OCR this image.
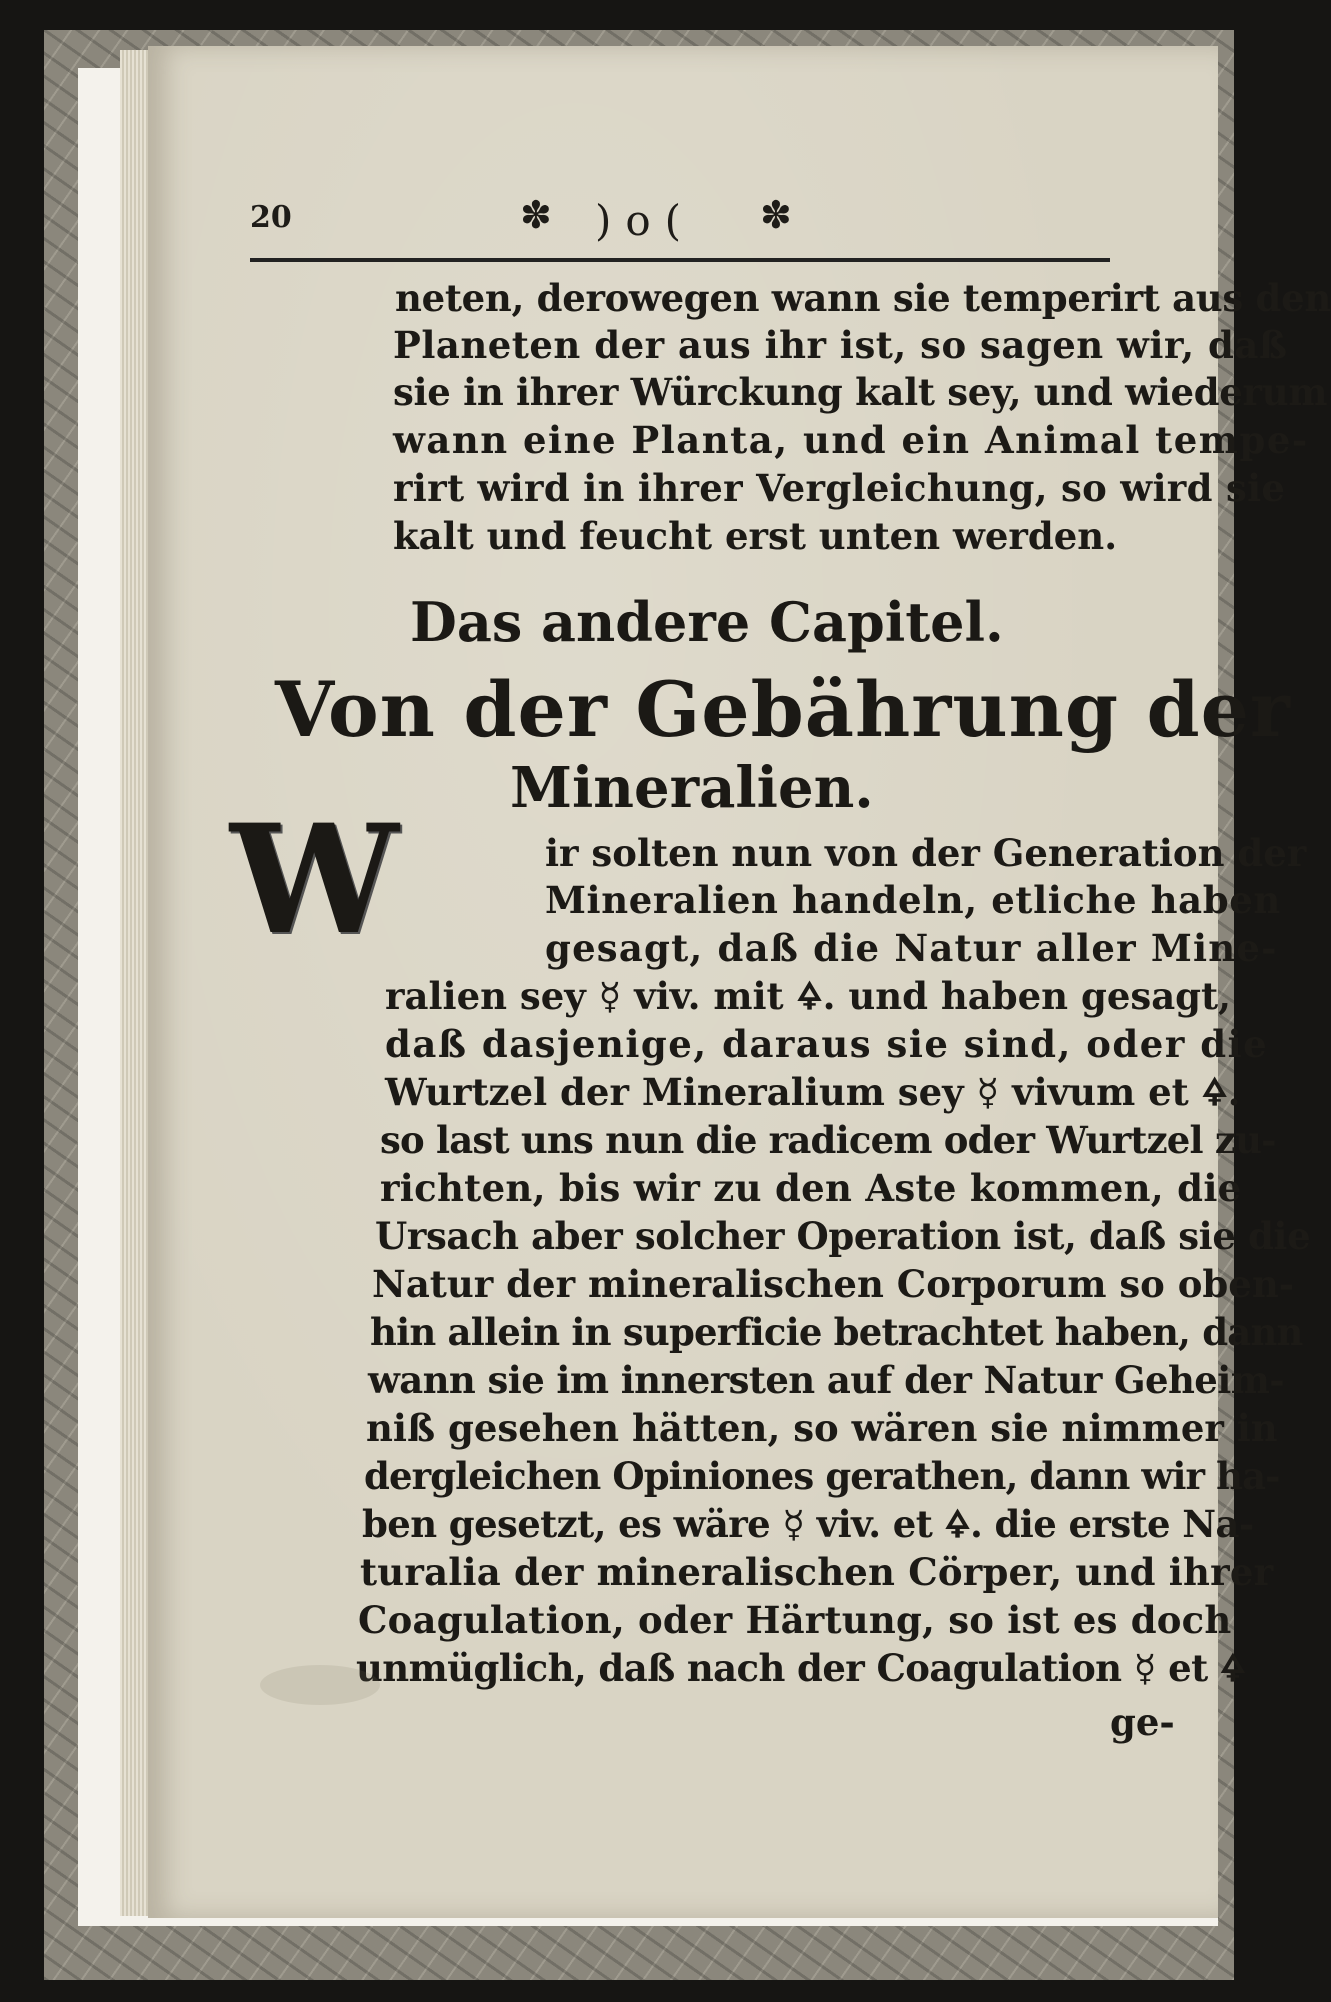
20	✽ )o( ✽
neten, derowegen wann sie temperirt aus den
Planeten der aus ihr ist, so sagen wir, daß
sie in ihrer Würckung kalt sey, und wiederum
wann eine Planta, und ein Animal tempe-
rirt wird in ihrer Vergleichung, so wird sie
kalt und feucht erst unten werden.
Das andere Capitel.
Von der Gebährung der
Mineralien.
W	ir solten nun von der Generation der
Mineralien handeln, etliche haben
gesagt, daß die Natur aller Mine-
ralien sey ☿ viv. mit 🜍. und haben gesagt,
daß dasjenige, daraus sie sind, oder die
Wurtzel der Mineralium sey ☿ vivum et 🜍.
so last uns nun die radicem oder Wurtzel zu-
richten, bis wir zu den Aste kommen, die
Ursach aber solcher Operation ist, daß sie die
Natur der mineralischen Corporum so oben-
hin allein in superficie betrachtet haben, dann
wann sie im innersten auf der Natur Geheim-
niß gesehen hätten, so wären sie nimmer in
dergleichen Opiniones gerathen, dann wir ha-
ben gesetzt, es wäre ☿ viv. et 🜍. die erste Na-
turalia der mineralischen Cörper, und ihrer
Coagulation, oder Härtung, so ist es doch
unmüglich, daß nach der Coagulation ☿ et 🜍
ge-
